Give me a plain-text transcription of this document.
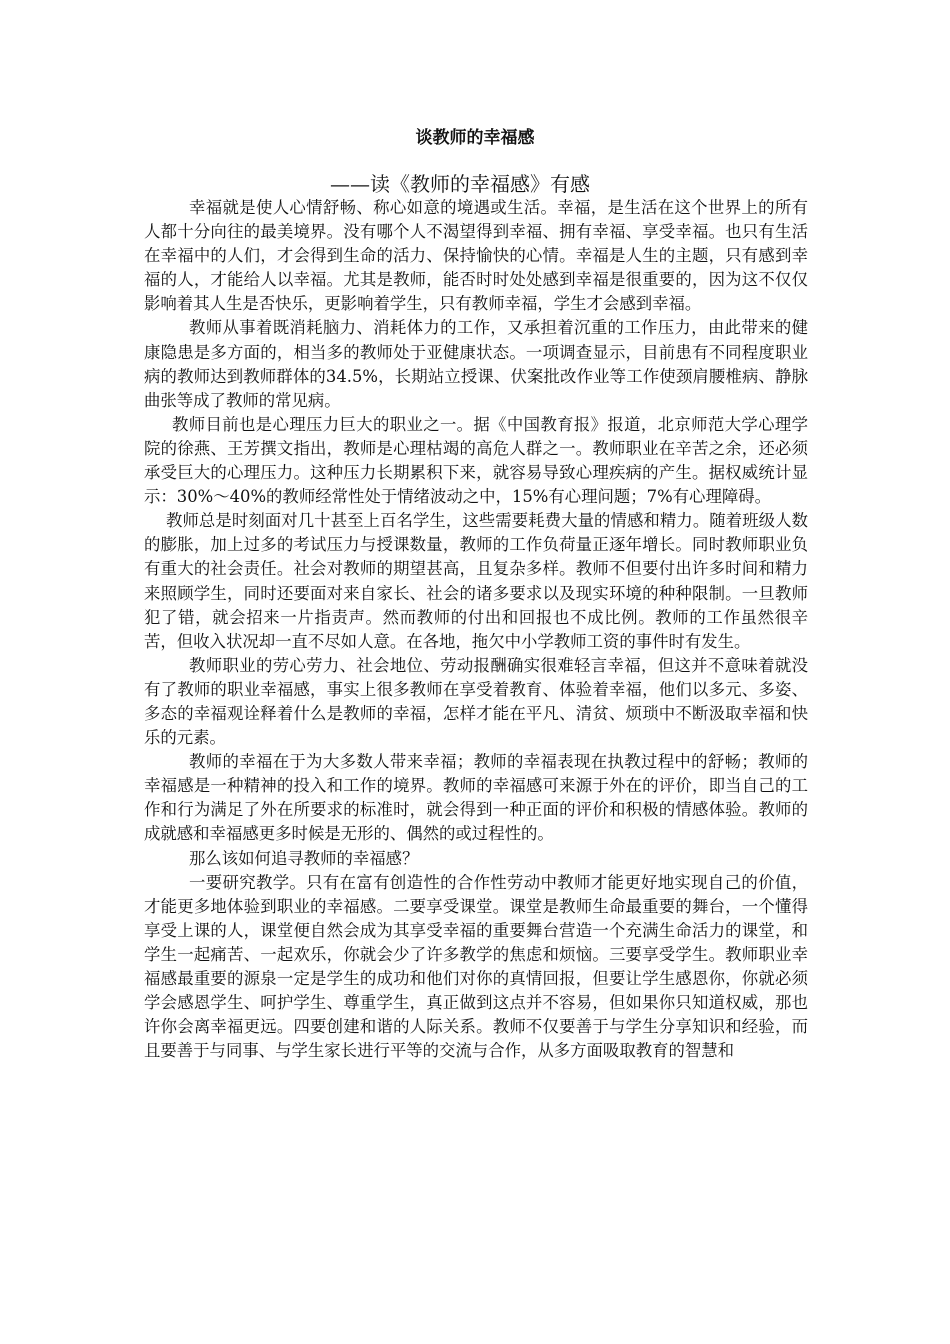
谈教师的幸福感
——读《教师的幸福感》有感

幸福就是使人心情舒畅、称心如意的境遇或生活。幸福，是生活在这个世界上的所有人都十分向往的最美境界。没有哪个人不渴望得到幸福、拥有幸福、享受幸福。也只有生活在幸福中的人们，才会得到生命的活力、保持愉快的心情。幸福是人生的主题，只有感到幸福的人，才能给人以幸福。尤其是教师，能否时时处处感到幸福是很重要的，因为这不仅仅影响着其人生是否快乐，更影响着学生，只有教师幸福，学生才会感到幸福。

教师从事着既消耗脑力、消耗体力的工作，又承担着沉重的工作压力，由此带来的健康隐患是多方面的，相当多的教师处于亚健康状态。一项调查显示，目前患有不同程度职业病的教师达到教师群体的34.5%，长期站立授课、伏案批改作业等工作使颈肩腰椎病、静脉曲张等成了教师的常见病。

教师目前也是心理压力巨大的职业之一。据《中国教育报》报道，北京师范大学心理学院的徐燕、王芳撰文指出，教师是心理枯竭的高危人群之一。教师职业在辛苦之余，还必须承受巨大的心理压力。这种压力长期累积下来，就容易导致心理疾病的产生。据权威统计显示：30%～40%的教师经常性处于情绪波动之中，15%有心理问题；7%有心理障碍。

教师总是时刻面对几十甚至上百名学生，这些需要耗费大量的情感和精力。随着班级人数的膨胀，加上过多的考试压力与授课数量，教师的工作负荷量正逐年增长。同时教师职业负有重大的社会责任。社会对教师的期望甚高，且复杂多样。教师不但要付出许多时间和精力来照顾学生，同时还要面对来自家长、社会的诸多要求以及现实环境的种种限制。一旦教师犯了错，就会招来一片指责声。然而教师的付出和回报也不成比例。教师的工作虽然很辛苦，但收入状况却一直不尽如人意。在各地，拖欠中小学教师工资的事件时有发生。

教师职业的劳心劳力、社会地位、劳动报酬确实很难轻言幸福，但这并不意味着就没有了教师的职业幸福感，事实上很多教师在享受着教育、体验着幸福，他们以多元、多姿、多态的幸福观诠释着什么是教师的幸福，怎样才能在平凡、清贫、烦琐中不断汲取幸福和快乐的元素。

教师的幸福在于为大多数人带来幸福；教师的幸福表现在执教过程中的舒畅；教师的幸福感是一种精神的投入和工作的境界。教师的幸福感可来源于外在的评价，即当自己的工作和行为满足了外在所要求的标准时，就会得到一种正面的评价和积极的情感体验。教师的成就感和幸福感更多时候是无形的、偶然的或过程性的。

那么该如何追寻教师的幸福感？

一要研究教学。只有在富有创造性的合作性劳动中教师才能更好地实现自己的价值，才能更多地体验到职业的幸福感。二要享受课堂。课堂是教师生命最重要的舞台，一个懂得享受上课的人，课堂便自然会成为其享受幸福的重要舞台营造一个充满生命活力的课堂，和学生一起痛苦、一起欢乐，你就会少了许多教学的焦虑和烦恼。三要享受学生。教师职业幸福感最重要的源泉一定是学生的成功和他们对你的真情回报，但要让学生感恩你，你就必须学会感恩学生、呵护学生、尊重学生，真正做到这点并不容易，但如果你只知道权威，那也许你会离幸福更远。四要创建和谐的人际关系。教师不仅要善于与学生分享知识和经验，而且要善于与同事、与学生家长进行平等的交流与合作，从多方面吸取教育的智慧和
